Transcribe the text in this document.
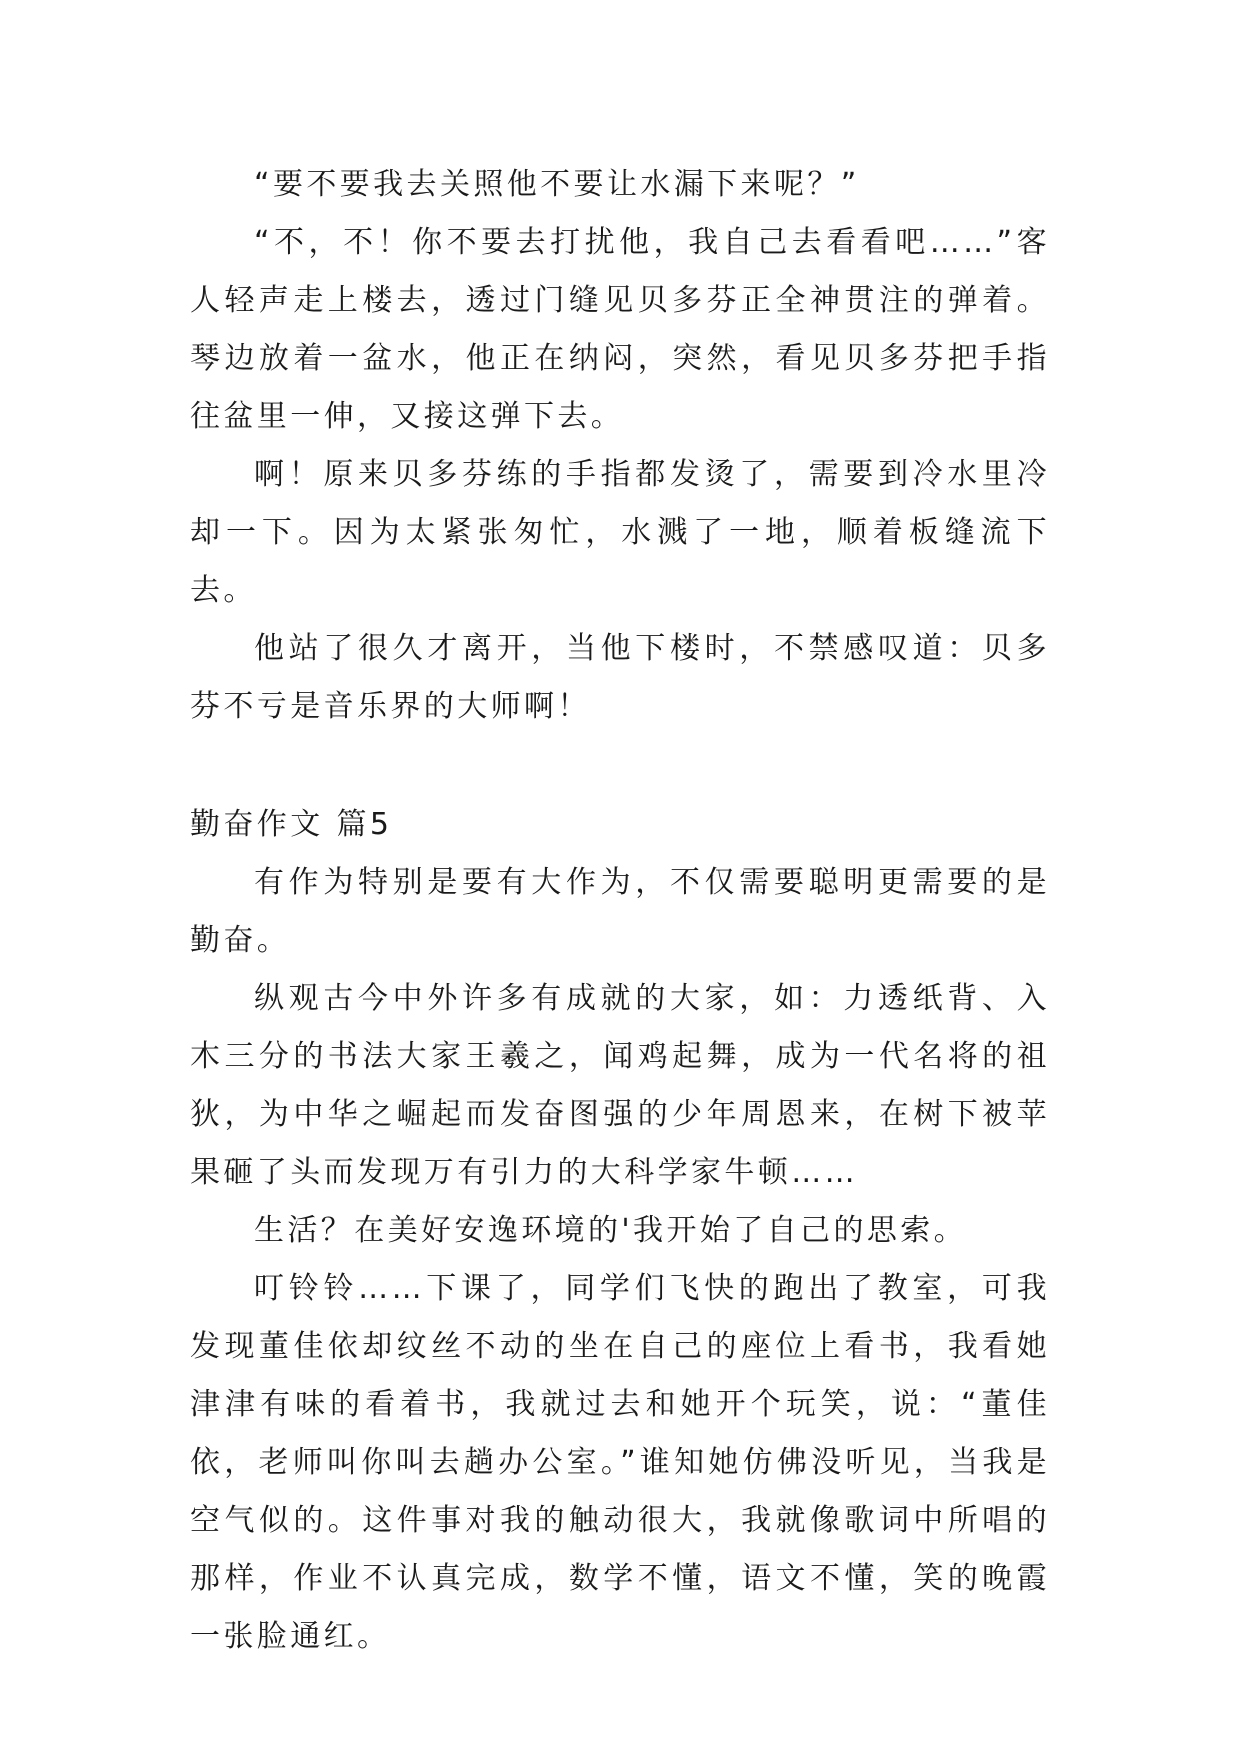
“要不要我去关照他不要让水漏下来呢？”

“不，不！你不要去打扰他，我自己去看看吧……”客人轻声走上楼去，透过门缝见贝多芬正全神贯注的弹着。琴边放着一盆水，他正在纳闷，突然，看见贝多芬把手指往盆里一伸，又接这弹下去。

啊！原来贝多芬练的手指都发烫了，需要到冷水里冷却一下。因为太紧张匆忙，水溅了一地，顺着板缝流下去。

他站了很久才离开，当他下楼时，不禁感叹道：贝多芬不亏是音乐界的大师啊！

勤奋作文 篇5

有作为特别是要有大作为，不仅需要聪明更需要的是勤奋。

纵观古今中外许多有成就的大家，如：力透纸背、入木三分的书法大家王羲之，闻鸡起舞，成为一代名将的祖狄，为中华之崛起而发奋图强的少年周恩来，在树下被苹果砸了头而发现万有引力的大科学家牛顿……

生活？在美好安逸环境的'我开始了自己的思索。

叮铃铃……下课了，同学们飞快的跑出了教室，可我发现董佳依却纹丝不动的坐在自己的座位上看书，我看她津津有味的看着书，我就过去和她开个玩笑，说：“董佳依，老师叫你叫去趟办公室。”谁知她仿佛没听见，当我是空气似的。这件事对我的触动很大，我就像歌词中所唱的那样，作业不认真完成，数学不懂，语文不懂，笑的晚霞一张脸通红。
